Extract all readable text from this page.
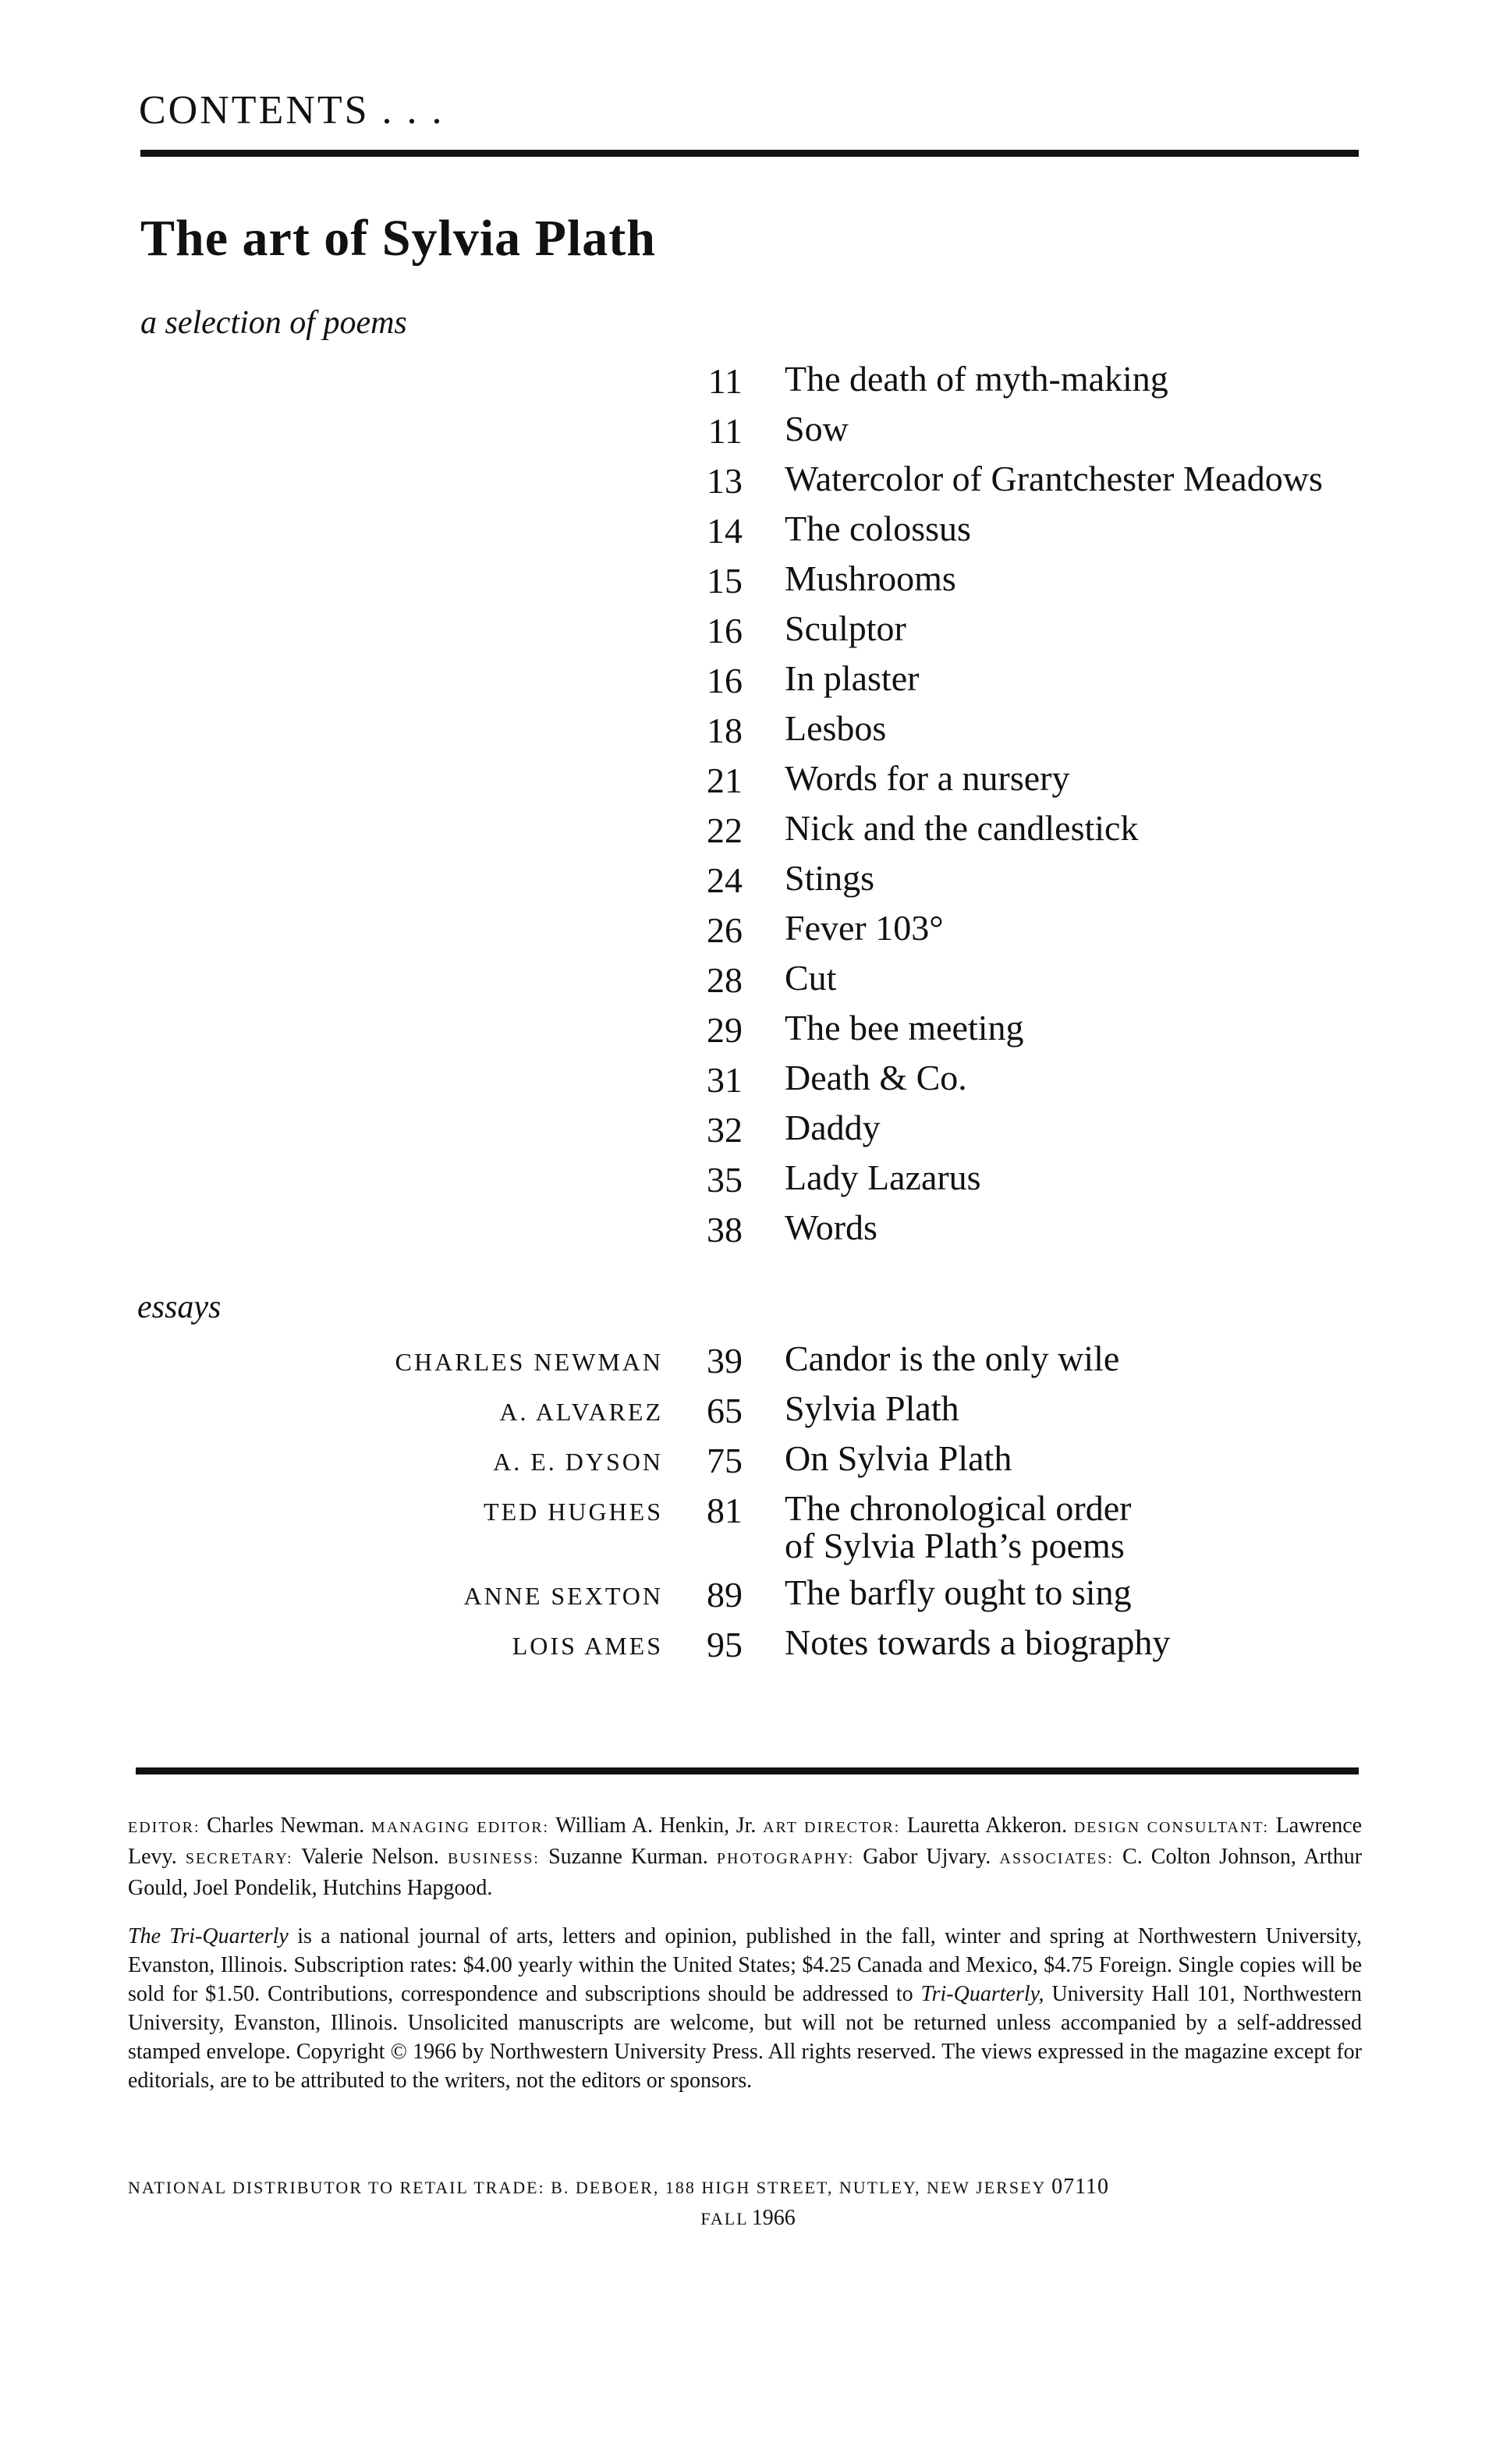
CONTENTS . . .
The art of Sylvia Plath
a selection of poems
11 The death of myth-making
11 Sow
13 Watercolor of Grantchester Meadows
14 The colossus
15 Mushrooms
16 Sculptor
16 In plaster
18 Lesbos
21 Words for a nursery
22 Nick and the candlestick
24 Stings
26 Fever 103°
28 Cut
29 The bee meeting
31 Death & Co.
32 Daddy
35 Lady Lazarus
38 Words
essays
CHARLES NEWMAN 39 Candor is the only wile
A. ALVAREZ 65 Sylvia Plath
A. E. DYSON 75 On Sylvia Plath
TED HUGHES 81 The chronological order
of Sylvia Plath’s poems
ANNE SEXTON 89 The barfly ought to sing
LOIS AMES 95 Notes towards a biography
EDITOR: Charles Newman. MANAGING EDITOR: William A. Henkin, Jr. ART DIRECTOR: Lauretta Akkeron. DESIGN CONSULTANT: Lawrence Levy. SECRETARY: Valerie Nelson. BUSINESS: Suzanne Kurman. PHOTOGRAPHY: Gabor Ujvary. ASSOCIATES: C. Colton Johnson, Arthur Gould, Joel Pondelik, Hutchins Hapgood.
The Tri-Quarterly is a national journal of arts, letters and opinion, published in the fall, winter and spring at Northwestern University, Evanston, Illinois. Subscription rates: $4.00 yearly within the United States; $4.25 Canada and Mexico, $4.75 Foreign. Single copies will be sold for $1.50. Contributions, correspondence and subscriptions should be addressed to Tri-Quarterly, University Hall 101, Northwestern University, Evanston, Illinois. Unsolicited manuscripts are welcome, but will not be returned unless accompanied by a self-addressed stamped envelope. Copyright © 1966 by Northwestern University Press. All rights reserved. The views expressed in the magazine except for editorials, are to be attributed to the writers, not the editors or sponsors.
NATIONAL DISTRIBUTOR TO RETAIL TRADE: B. DEBOER, 188 HIGH STREET, NUTLEY, NEW JERSEY 07110
FALL 1966
